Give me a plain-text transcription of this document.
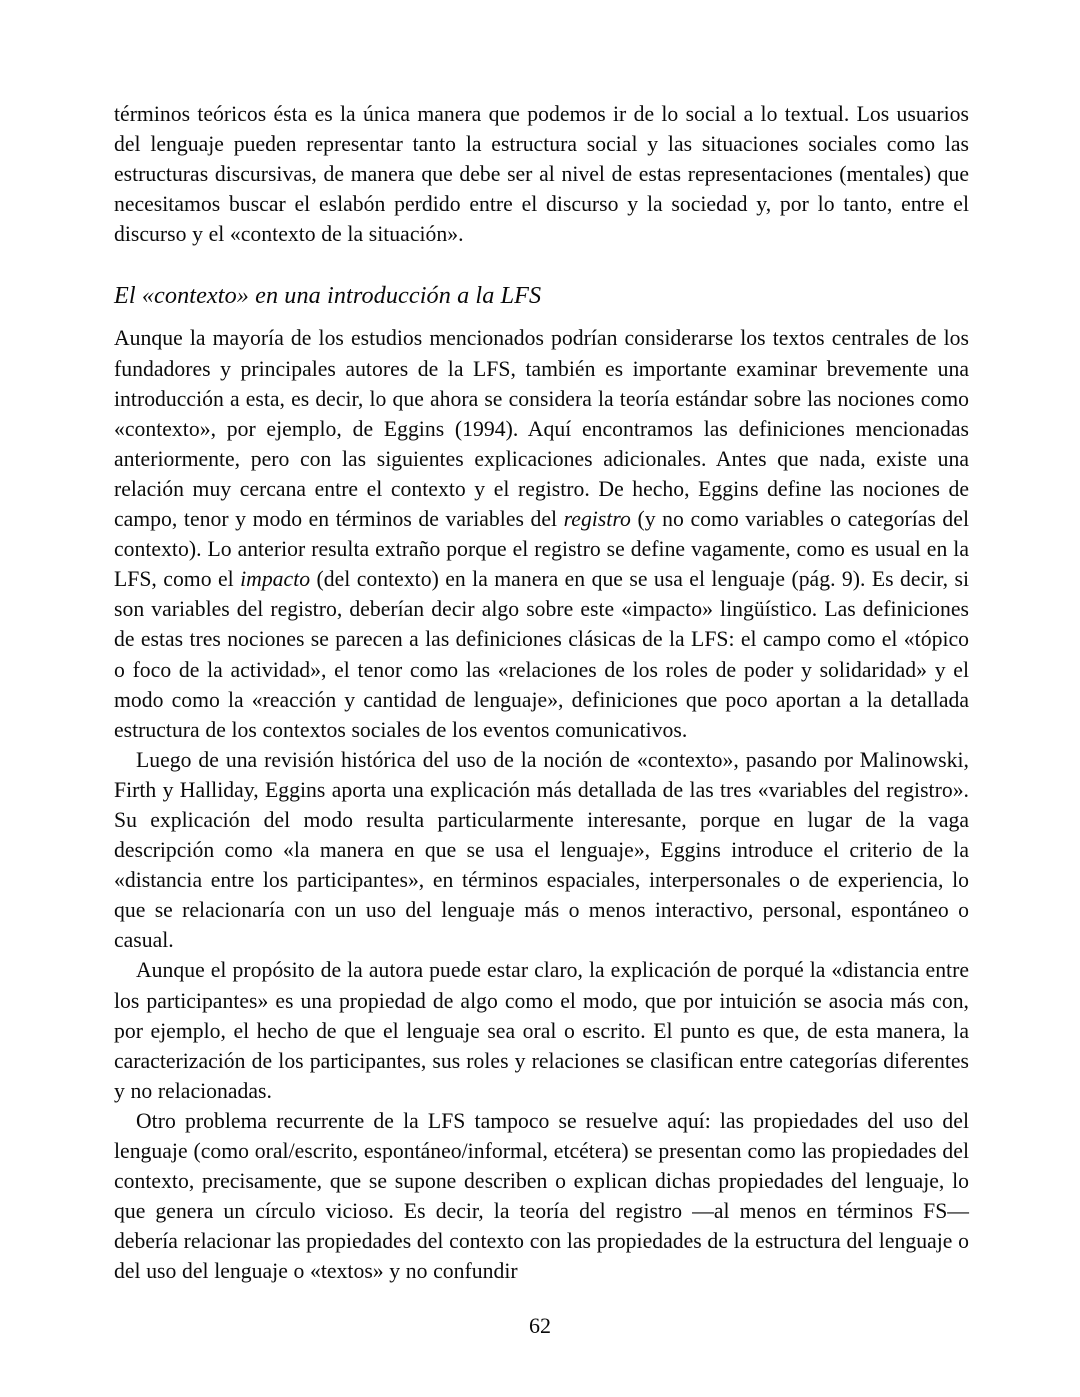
términos teóricos ésta es la única manera que podemos ir de lo social a lo textual. Los usuarios del lenguaje pueden representar tanto la estructura social y las situaciones sociales como las estructuras discursivas, de manera que debe ser al nivel de estas representaciones (mentales) que necesitamos buscar el eslabón perdido entre el discurso y la sociedad y, por lo tanto, entre el discurso y el «contexto de la situación».

El «contexto» en una introducción a la LFS

Aunque la mayoría de los estudios mencionados podrían considerarse los textos centrales de los fundadores y principales autores de la LFS, también es importante examinar brevemente una introducción a esta, es decir, lo que ahora se considera la teoría estándar sobre las nociones como «contexto», por ejemplo, de Eggins (1994). Aquí encontramos las definiciones mencionadas anteriormente, pero con las siguientes explicaciones adicionales. Antes que nada, existe una relación muy cercana entre el contexto y el registro. De hecho, Eggins define las nociones de campo, tenor y modo en términos de variables del registro (y no como variables o categorías del contexto). Lo anterior resulta extraño porque el registro se define vagamente, como es usual en la LFS, como el impacto (del contexto) en la manera en que se usa el lenguaje (pág. 9). Es decir, si son variables del registro, deberían decir algo sobre este «impacto» lingüístico. Las definiciones de estas tres nociones se parecen a las definiciones clásicas de la LFS: el campo como el «tópico o foco de la actividad», el tenor como las «relaciones de los roles de poder y solidaridad» y el modo como la «reacción y cantidad de lenguaje», definiciones que poco aportan a la detallada estructura de los contextos sociales de los eventos comunicativos.

Luego de una revisión histórica del uso de la noción de «contexto», pasando por Malinowski, Firth y Halliday, Eggins aporta una explicación más detallada de las tres «variables del registro». Su explicación del modo resulta particularmente interesante, porque en lugar de la vaga descripción como «la manera en que se usa el lenguaje», Eggins introduce el criterio de la «distancia entre los participantes», en términos espaciales, interpersonales o de experiencia, lo que se relacionaría con un uso del lenguaje más o menos interactivo, personal, espontáneo o casual.

Aunque el propósito de la autora puede estar claro, la explicación de porqué la «distancia entre los participantes» es una propiedad de algo como el modo, que por intuición se asocia más con, por ejemplo, el hecho de que el lenguaje sea oral o escrito. El punto es que, de esta manera, la caracterización de los participantes, sus roles y relaciones se clasifican entre categorías diferentes y no relacionadas.

Otro problema recurrente de la LFS tampoco se resuelve aquí: las propiedades del uso del lenguaje (como oral/escrito, espontáneo/informal, etcétera) se presentan como las propiedades del contexto, precisamente, que se supone describen o explican dichas propiedades del lenguaje, lo que genera un círculo vicioso. Es decir, la teoría del registro —al menos en términos FS— debería relacionar las propiedades del contexto con las propiedades de la estructura del lenguaje o del uso del lenguaje o «textos» y no confundir

62
